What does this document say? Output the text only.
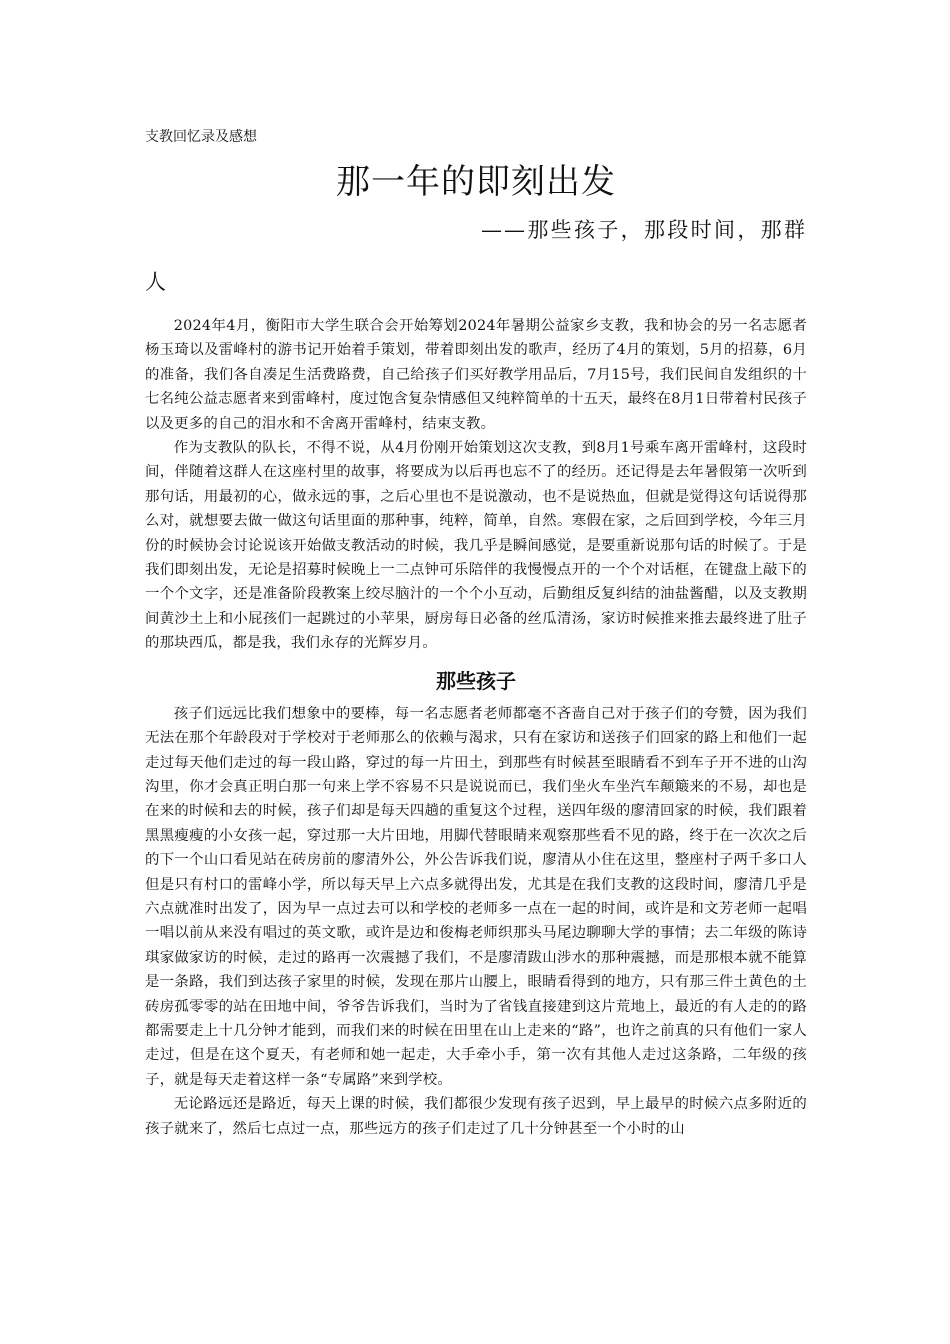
支教回忆录及感想

那一年的即刻出发

——那些孩子，那段时间，那群人

2024年4月，衡阳市大学生联合会开始筹划2024年暑期公益家乡支教，我和协会的另一名志愿者杨玉琦以及雷峰村的游书记开始着手策划，带着即刻出发的歌声，经历了4月的策划，5月的招募，6月的准备，我们各自凑足生活费路费，自己给孩子们买好教学用品后，7月15号，我们民间自发组织的十七名纯公益志愿者来到雷峰村，度过饱含复杂情感但又纯粹简单的十五天，最终在8月1日带着村民孩子以及更多的自己的泪水和不舍离开雷峰村，结束支教。

作为支教队的队长，不得不说，从4月份刚开始策划这次支教，到8月1号乘车离开雷峰村，这段时间，伴随着这群人在这座村里的故事，将要成为以后再也忘不了的经历。还记得是去年暑假第一次听到那句话，用最初的心，做永远的事，之后心里也不是说激动，也不是说热血，但就是觉得这句话说得那么对，就想要去做一做这句话里面的那种事，纯粹，简单，自然。寒假在家，之后回到学校，今年三月份的时候协会讨论说该开始做支教活动的时候，我几乎是瞬间感觉，是要重新说那句话的时候了。于是我们即刻出发，无论是招募时候晚上一二点钟可乐陪伴的我慢慢点开的一个个对话框，在键盘上敲下的一个个文字，还是准备阶段教案上绞尽脑汁的一个个小互动，后勤组反复纠结的油盐酱醋，以及支教期间黄沙土上和小屁孩们一起跳过的小苹果，厨房每日必备的丝瓜清汤，家访时候推来推去最终进了肚子的那块西瓜，都是我，我们永存的光辉岁月。

那些孩子

孩子们远远比我们想象中的要棒，每一名志愿者老师都毫不吝啬自己对于孩子们的夸赞，因为我们无法在那个年龄段对于学校对于老师那么的依赖与渴求，只有在家访和送孩子们回家的路上和他们一起走过每天他们走过的每一段山路，穿过的每一片田土，到那些有时候甚至眼睛看不到车子开不进的山沟沟里，你才会真正明白那一句来上学不容易不只是说说而已，我们坐火车坐汽车颠簸来的不易，却也是在来的时候和去的时候，孩子们却是每天四趟的重复这个过程，送四年级的廖清回家的时候，我们跟着黑黑瘦瘦的小女孩一起，穿过那一大片田地，用脚代替眼睛来观察那些看不见的路，终于在一次次之后的下一个山口看见站在砖房前的廖清外公，外公告诉我们说，廖清从小住在这里，整座村子两千多口人但是只有村口的雷峰小学，所以每天早上六点多就得出发，尤其是在我们支教的这段时间，廖清几乎是六点就准时出发了，因为早一点过去可以和学校的老师多一点在一起的时间，或许是和文芳老师一起唱一唱以前从来没有唱过的英文歌，或许是边和俊梅老师织那头马尾边聊聊大学的事情；去二年级的陈诗琪家做家访的时候，走过的路再一次震撼了我们，不是廖清跋山涉水的那种震撼，而是那根本就不能算是一条路，我们到达孩子家里的时候，发现在那片山腰上，眼睛看得到的地方，只有那三件土黄色的土砖房孤零零的站在田地中间，爷爷告诉我们，当时为了省钱直接建到这片荒地上，最近的有人走的的路都需要走上十几分钟才能到，而我们来的时候在田里在山上走来的“路”，也许之前真的只有他们一家人走过，但是在这个夏天，有老师和她一起走，大手牵小手，第一次有其他人走过这条路，二年级的孩子，就是每天走着这样一条“专属路”来到学校。

无论路远还是路近，每天上课的时候，我们都很少发现有孩子迟到，早上最早的时候六点多附近的孩子就来了，然后七点过一点，那些远方的孩子们走过了几十分钟甚至一个小时的山
